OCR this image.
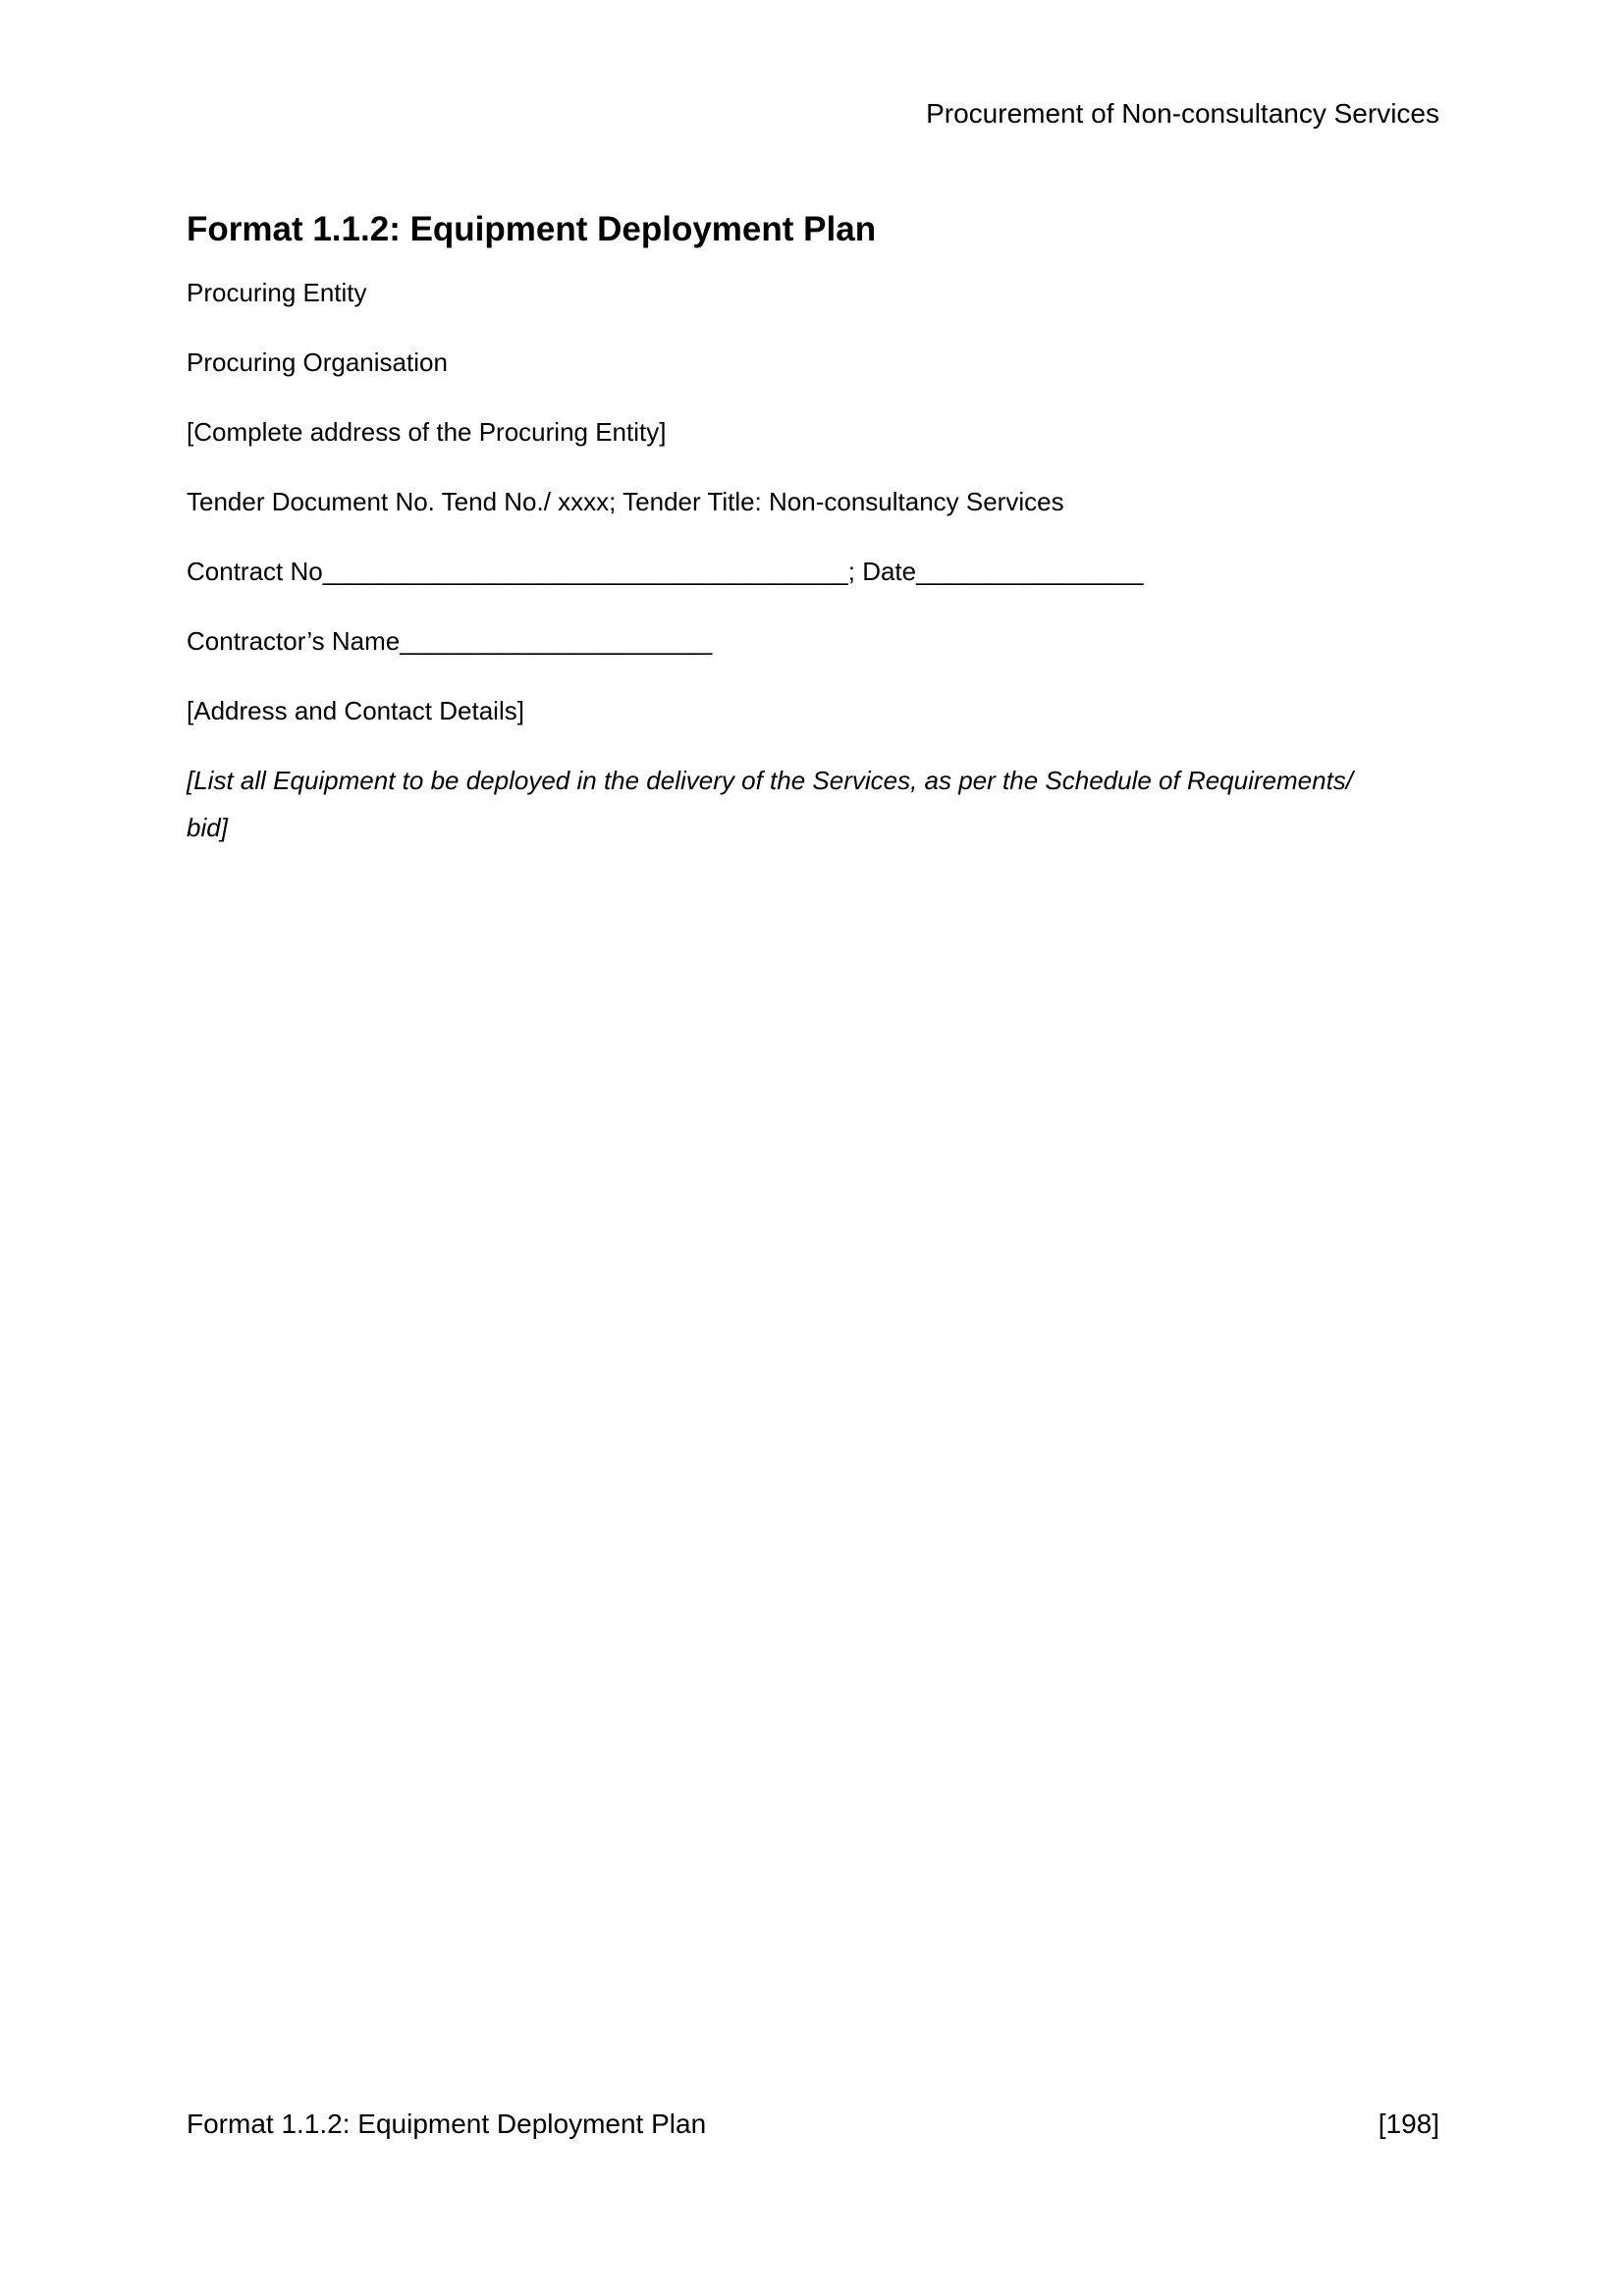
Procurement of Non-consultancy Services
Format 1.1.2: Equipment Deployment Plan

Procuring Entity

Procuring Organisation

[Complete address of the Procuring Entity]

Tender Document No. Tend No./ xxxx; Tender Title: Non-consultancy Services

Contract No_____________________________________; Date________________

Contractor’s Name______________________

[Address and Contact Details]

[List all Equipment to be deployed in the delivery of the Services, as per the Schedule of Requirements/
bid]

Format 1.1.2: Equipment Deployment Plan	[198]
